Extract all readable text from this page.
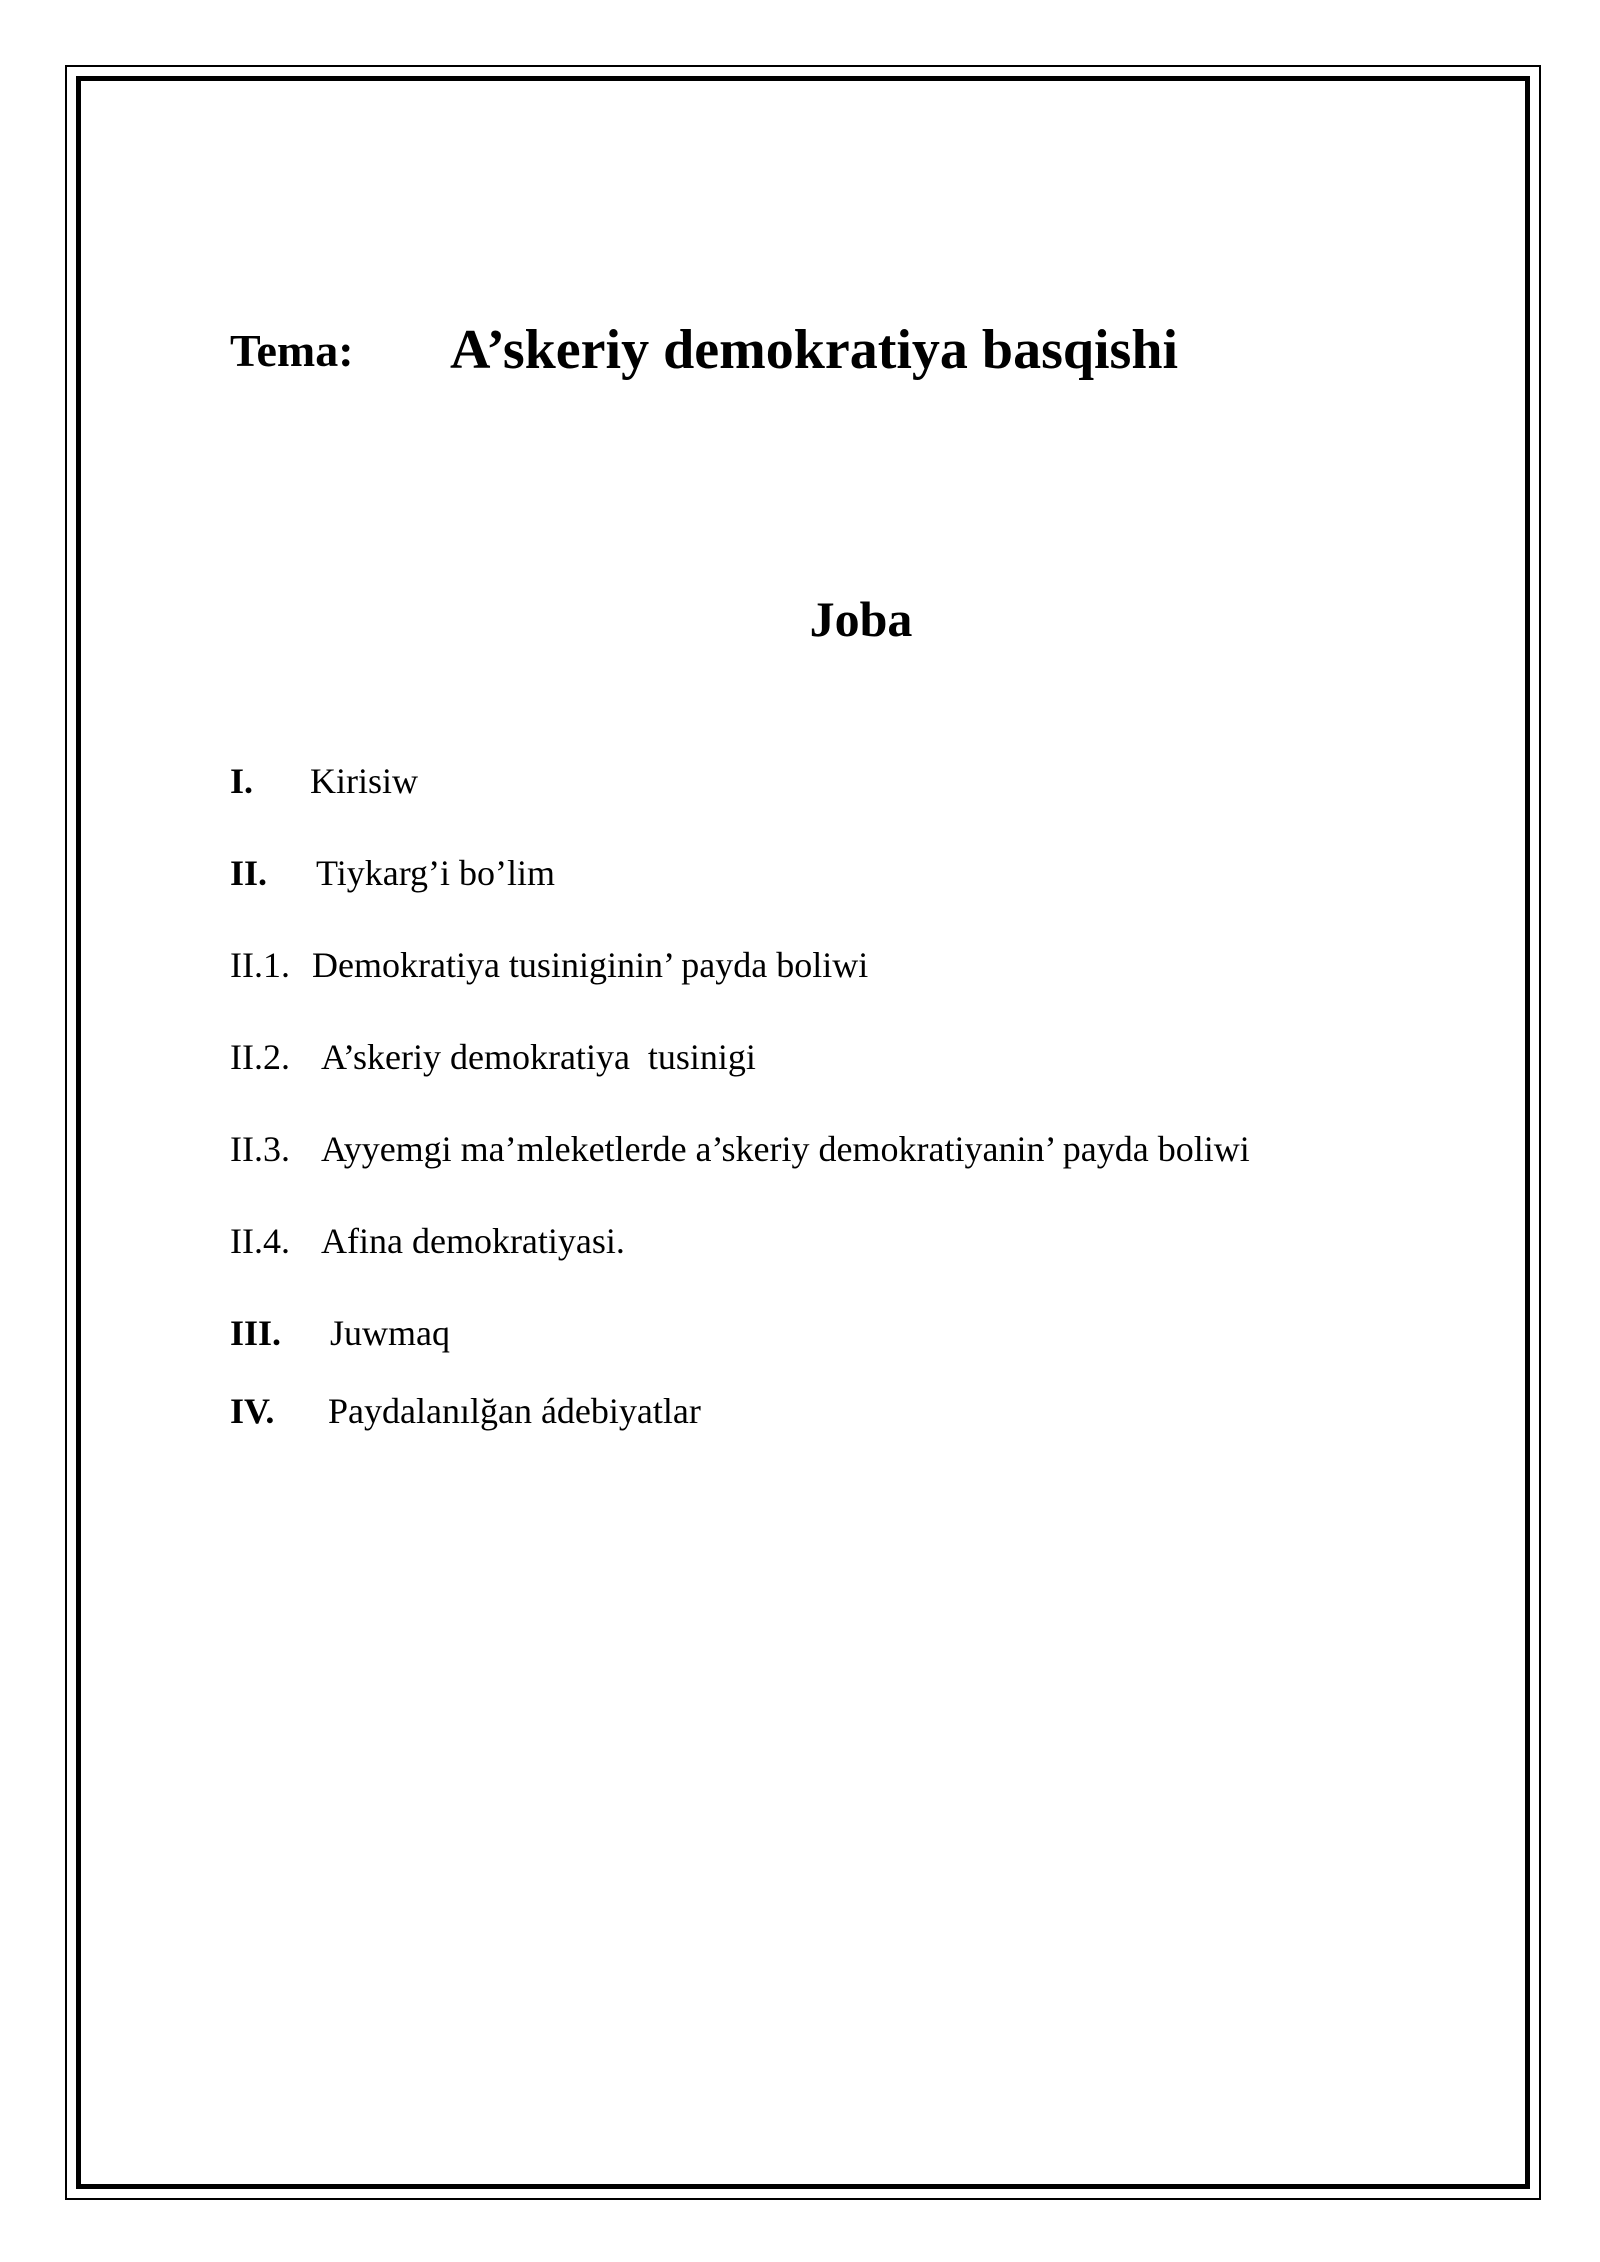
Tema: A’skeriy demokratiya basqishi
Joba
I. Kirisiw
II. Tiykarg’i bo’lim
II.1. Demokratiya tusiniginin’ payda boliwi
II.2. A’skeriy demokratiya  tusinigi
II.3. Ayyemgi ma’mleketlerde a’skeriy demokratiyanin’ payda boliwi
II.4. Afina demokratiyasi.
III. Juwmaq
IV. Paydalanılğan ádebiyatlar
